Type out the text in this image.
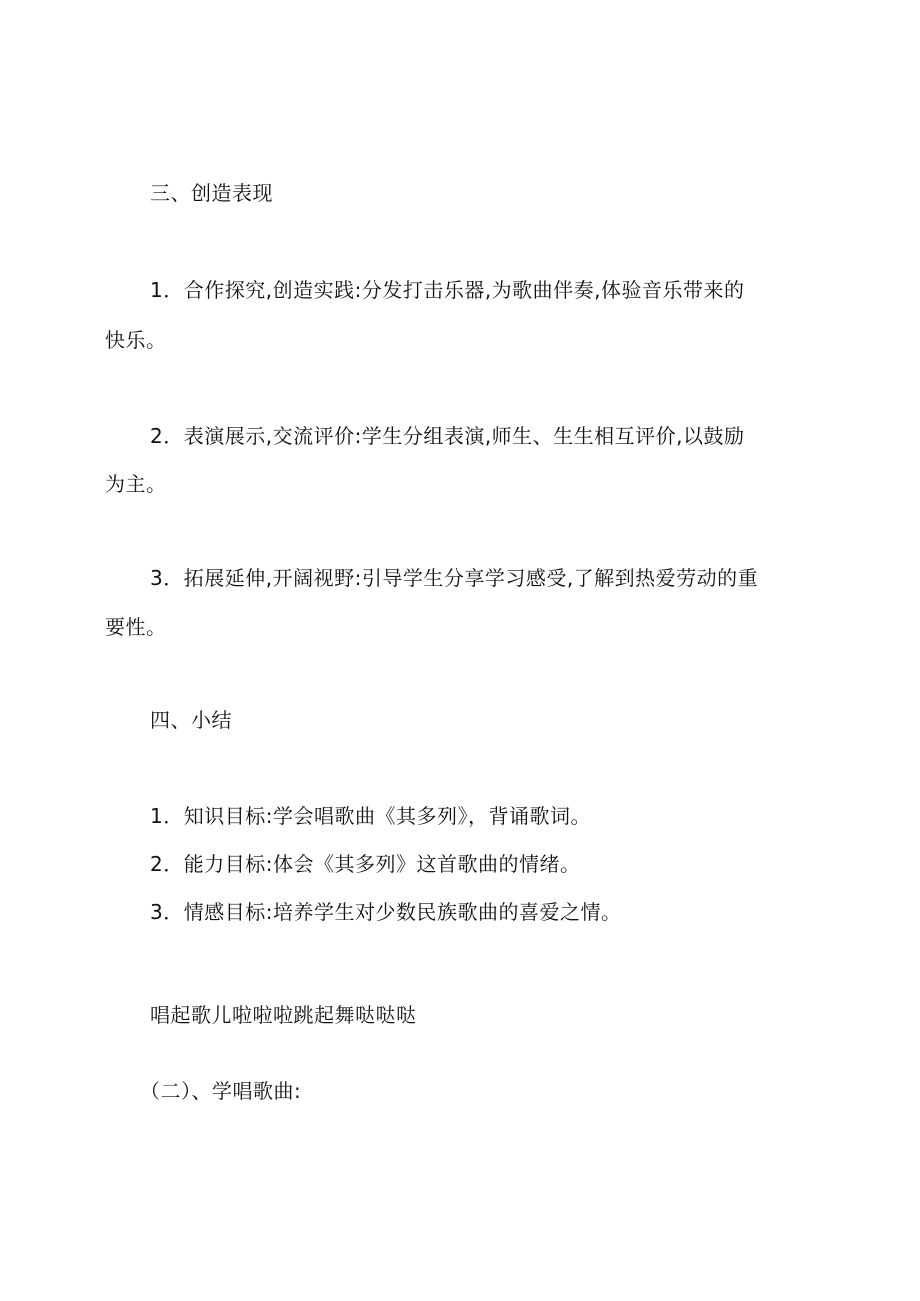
三、创造表现
1．合作探究,创造实践:分发打击乐器,为歌曲伴奏,体验音乐带来的
快乐。
2．表演展示,交流评价:学生分组表演,师生、生生相互评价,以鼓励
为主。
3．拓展延伸,开阔视野:引导学生分享学习感受,了解到热爱劳动的重
要性。
四、小结
1．知识目标:学会唱歌曲《其多列》，背诵歌词。
2．能力目标:体会《其多列》这首歌曲的情绪。
3．情感目标:培养学生对少数民族歌曲的喜爱之情。
唱起歌儿啦啦啦跳起舞哒哒哒
（二）、学唱歌曲:
